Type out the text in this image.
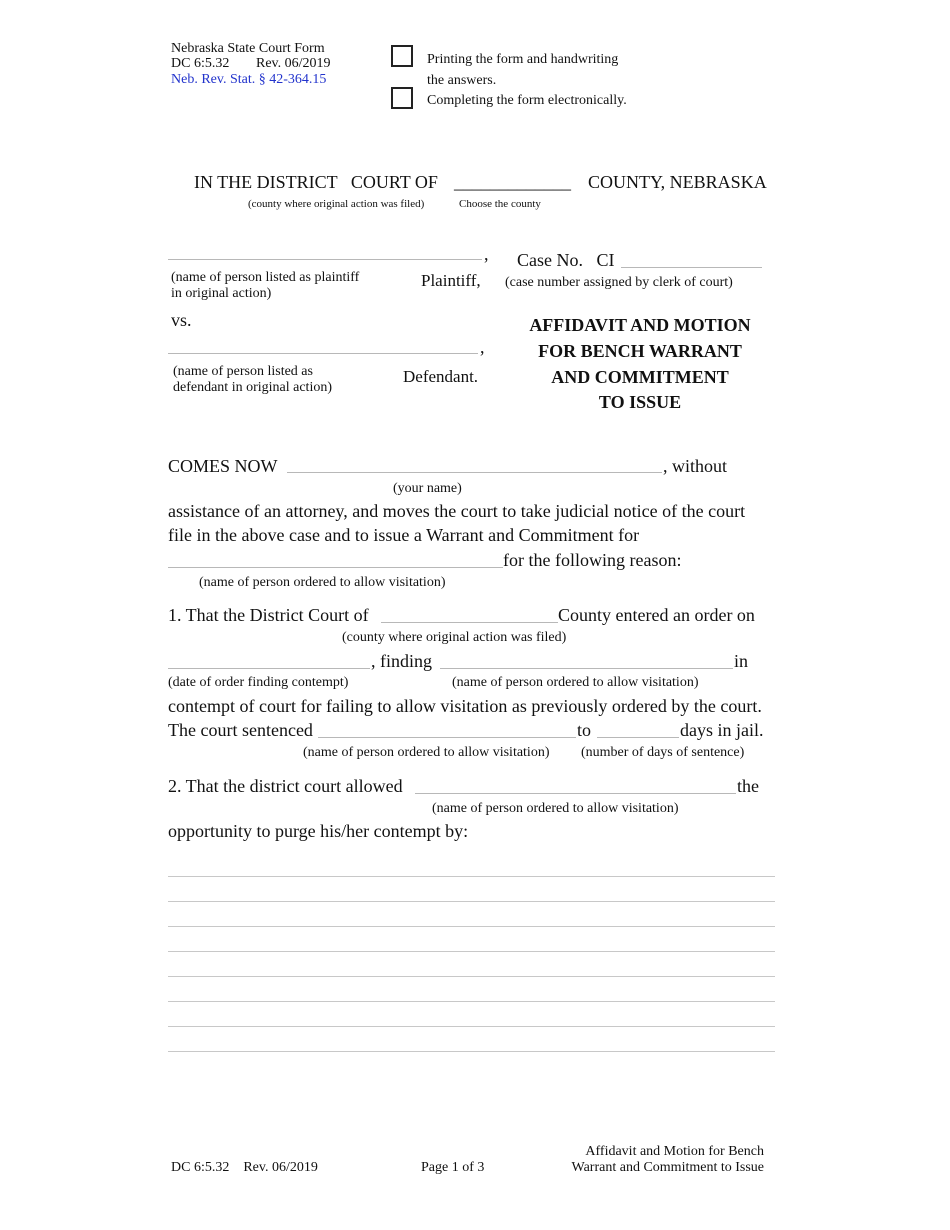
Nebraska State Court Form
DC 6:5.32 Rev. 06/2019
Neb. Rev. Stat. § 42-364.15
Printing the form and handwriting
the answers.
Completing the form electronically.
IN THE DISTRICT   COURT OF _____________ COUNTY, NEBRASKA
(county where original action was filed)	Choose the county
,
(name of person listed as plaintiff
in original action)
Plaintiff,
Case No.   CI
(case number assigned by clerk of court)
vs.
,
(name of person listed as
defendant in original action)
Defendant.
AFFIDAVIT AND MOTION
FOR BENCH WARRANT
AND COMMITMENT
TO ISSUE
COMES NOW	, without
(your name)
assistance of an attorney, and moves the court to take judicial notice of the court
file in the above case and to issue a Warrant and Commitment for
for the following reason:
(name of person ordered to allow visitation)
1. That the District Court of	County entered an order on
(county where original action was filed)
, finding	in
(date of order finding contempt)	(name of person ordered to allow visitation)
contempt of court for failing to allow visitation as previously ordered by the court.
The court sentenced	to	days in jail.
(name of person ordered to allow visitation) (number of days of sentence)
2. That the district court allowed	the
(name of person ordered to allow visitation)
opportunity to purge his/her contempt by:
DC 6:5.32    Rev. 06/2019	Page 1 of 3
Affidavit and Motion for Bench
Warrant and Commitment to Issue
